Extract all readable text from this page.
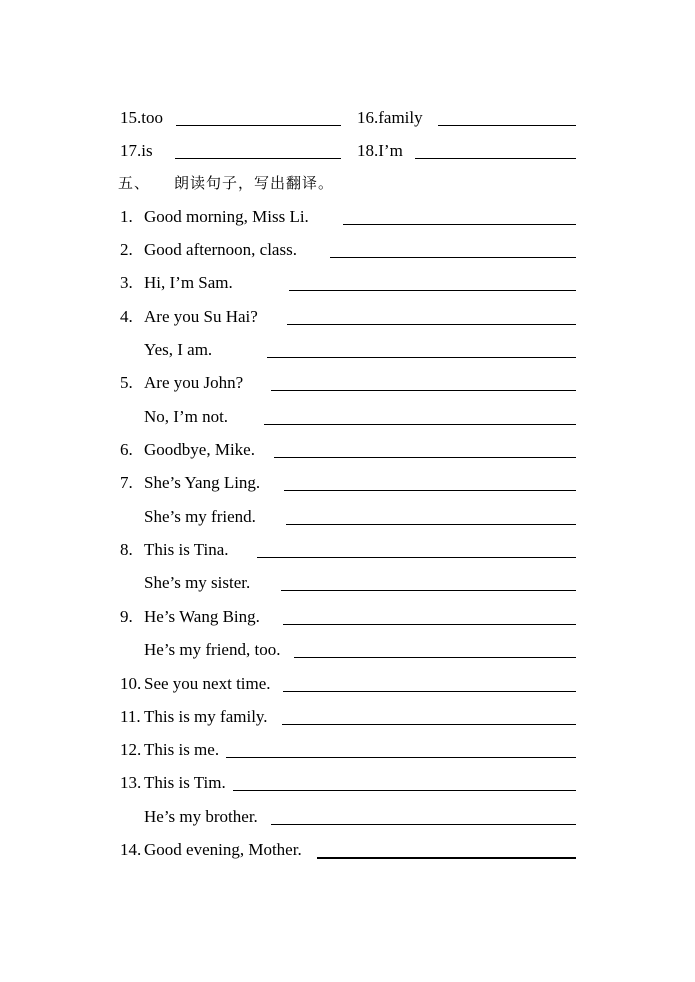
15.too	16.family
17.is	18.I’m
五、 朗读句子，写出翻译。
1. Good morning, Miss Li.
2. Good afternoon, class.
3. Hi, I’m Sam.
4. Are you Su Hai?
Yes, I am.
5. Are you John?
No, I’m not.
6. Goodbye, Mike.
7. She’s Yang Ling.
She’s my friend.
8. This is Tina.
She’s my sister.
9. He’s Wang Bing.
He’s my friend, too.
10. See you next time.
11. This is my family.
12. This is me.
13. This is Tim.
He’s my brother.
14. Good evening, Mother.
